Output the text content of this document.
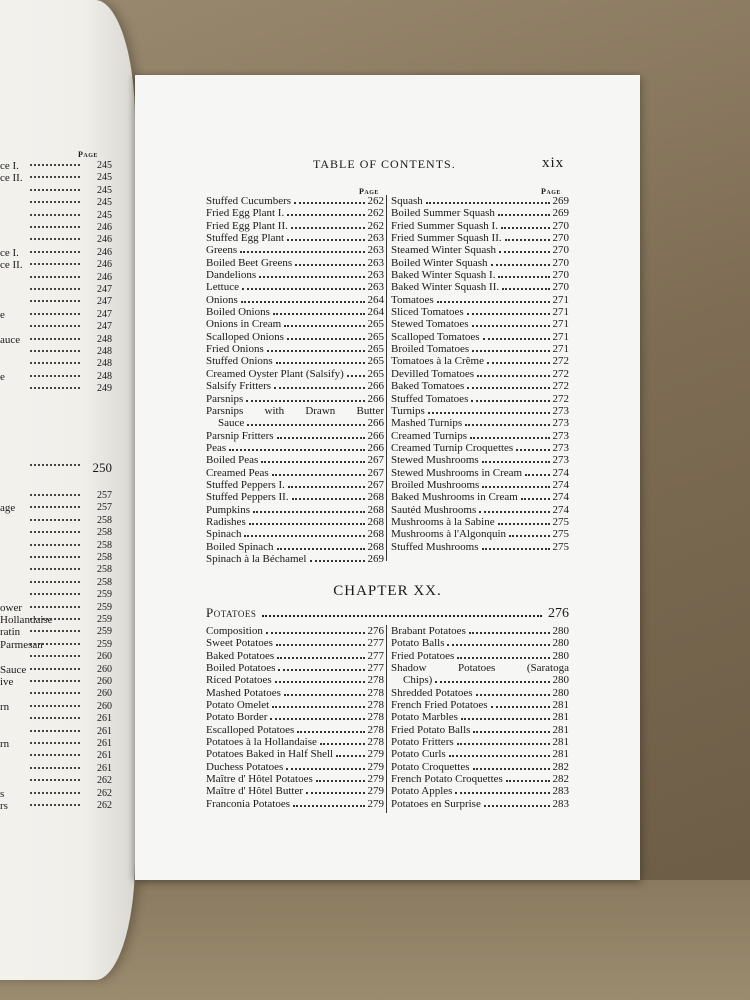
Page
ce I.	245
ce II.	245
245
245
245
246
246
ce I.	246
ce II.	246
246
247
247
e	247
247
auce	248
248
248
e	248
249
250
257
age	257
258
258
258
258
258
258
259
ower	259
Hollandaise	259
ratin	259
Parmesan	259
260
Sauce	260
ive	260
260
rn	260
261
261
rn	261
261
261
262
s	262
rs	262
TABLE OF CONTENTS.	xix
Page	Page
Stuffed Cucumbers	262
Fried Egg Plant I.	262
Fried Egg Plant II.	262
Stuffed Egg Plant	263
Greens	263
Boiled Beet Greens	263
Dandelions	263
Lettuce	263
Onions	264
Boiled Onions	264
Onions in Cream	265
Scalloped Onions	265
Fried Onions	265
Stuffed Onions	265
Creamed Oyster Plant (Salsify) 265
Salsify Fritters	266
Parsnips	266
Parsnips with Drawn Butter
Sauce	266
Parsnip Fritters	266
Peas	266
Boiled Peas	267
Creamed Peas	267
Stuffed Peppers I.	267
Stuffed Peppers II.	268
Pumpkins	268
Radishes	268
Spinach	268
Boiled Spinach	268
Spinach à la Béchamel	269
Squash	269
Boiled Summer Squash	269
Fried Summer Squash I.	270
Fried Summer Squash II.	270
Steamed Winter Squash	270
Boiled Winter Squash	270
Baked Winter Squash I.	270
Baked Winter Squash II.	270
Tomatoes	271
Sliced Tomatoes	271
Stewed Tomatoes	271
Scalloped Tomatoes	271
Broiled Tomatoes	271
Tomatoes à la Crême	272
Devilled Tomatoes	272
Baked Tomatoes	272
Stuffed Tomatoes	272
Turnips	273
Mashed Turnips	273
Creamed Turnips	273
Creamed Turnip Croquettes	273
Stewed Mushrooms	273
Stewed Mushrooms in Cream	274
Broiled Mushrooms	274
Baked Mushrooms in Cream	274
Sautéd Mushrooms	274
Mushrooms à la Sabine	275
Mushrooms à l'Algonquin	275
Stuffed Mushrooms	275
CHAPTER XX.
Potatoes	276
Composition	276
Sweet Potatoes	277
Baked Potatoes	277
Boiled Potatoes	277
Riced Potatoes	278
Mashed Potatoes	278
Potato Omelet	278
Potato Border	278
Escalloped Potatoes	278
Potatoes à la Hollandaise	278
Potatoes Baked in Half Shell	279
Duchess Potatoes	279
Maître d' Hôtel Potatoes	279
Maître d' Hôtel Butter	279
Franconia Potatoes	279
Brabant Potatoes	280
Potato Balls	280
Fried Potatoes	280
Shadow Potatoes (Saratoga
Chips)	280
Shredded Potatoes	280
French Fried Potatoes	281
Potato Marbles	281
Fried Potato Balls	281
Potato Fritters	281
Potato Curls	281
Potato Croquettes	282
French Potato Croquettes	282
Potato Apples	283
Potatoes en Surprise	283
